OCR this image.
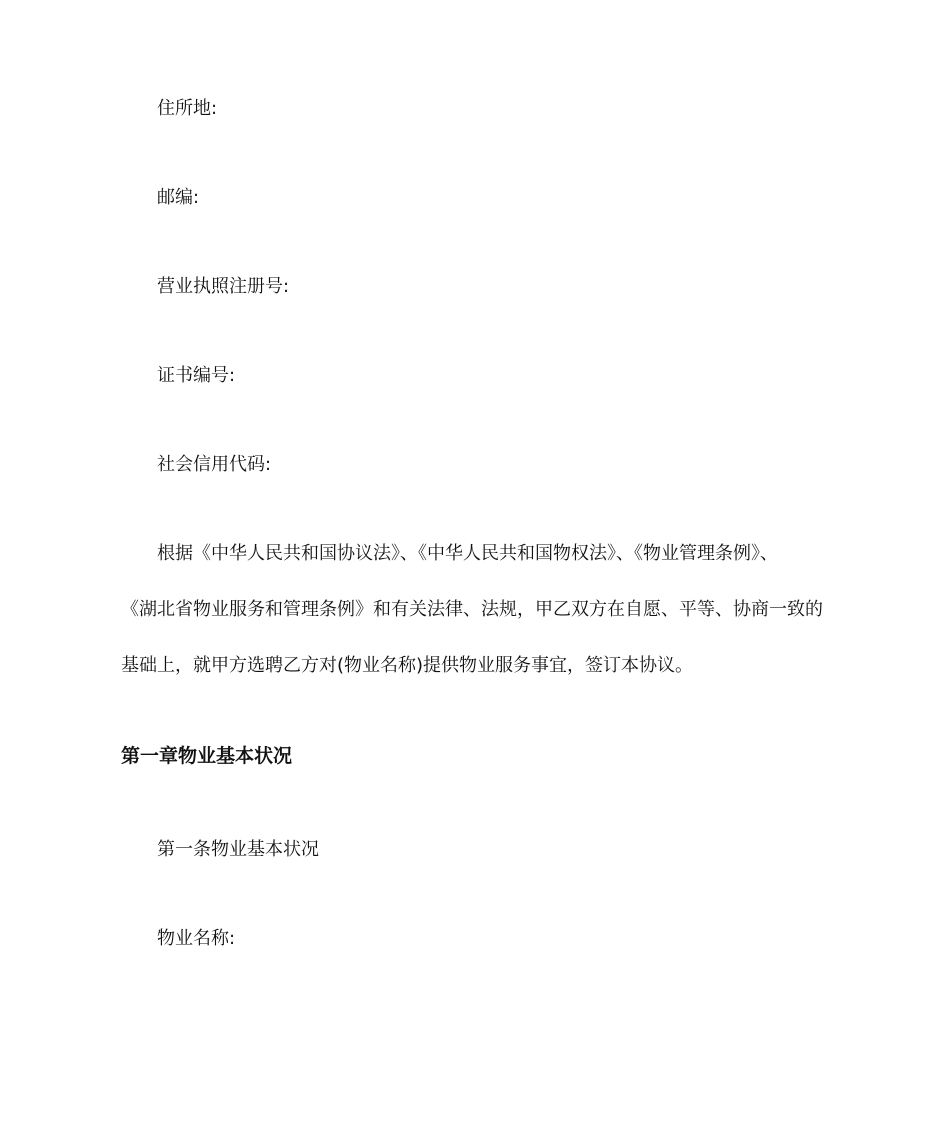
住所地:
邮编:
营业执照注册号:
证书编号:
社会信用代码:
根据《中华人民共和国协议法》、《中华人民共和国物权法》、《物业管理条例》、
《湖北省物业服务和管理条例》和有关法律、法规，甲乙双方在自愿、平等、协商一致的
基础上，就甲方选聘乙方对(物业名称)提供物业服务事宜，签订本协议。
第一章物业基本状况
第一条物业基本状况
物业名称:
